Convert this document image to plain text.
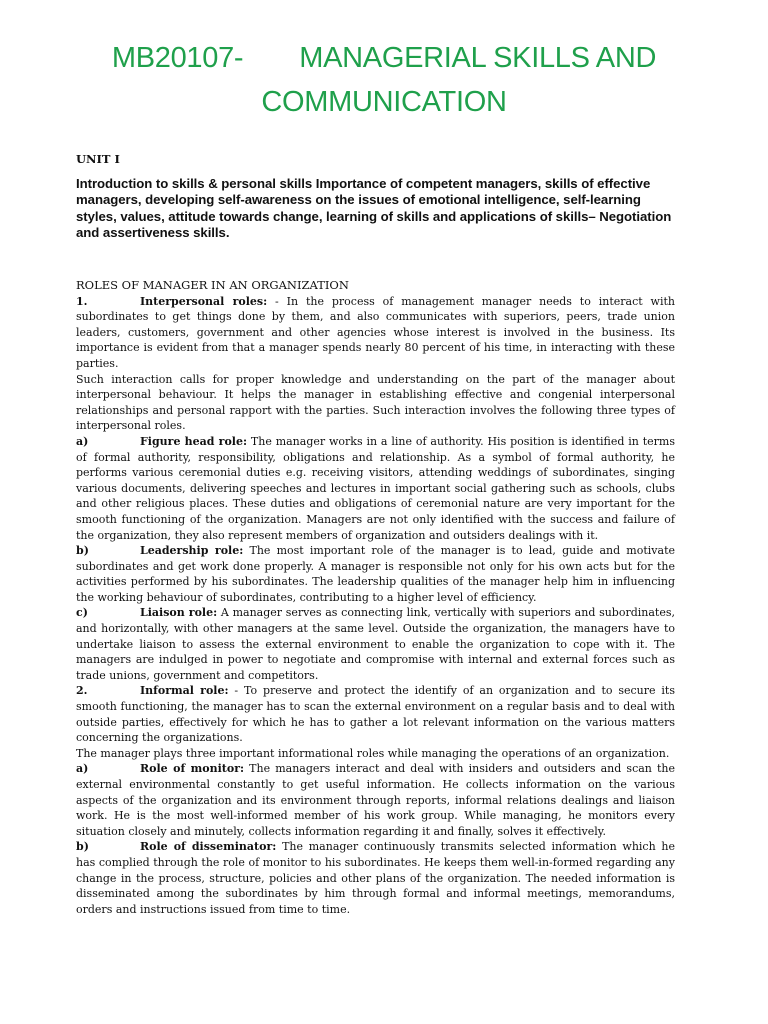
MB20107- MANAGERIAL SKILLS AND
COMMUNICATION
UNIT I
Introduction to skills & personal skills Importance of competent managers, skills of effective managers, developing self-awareness on the issues of emotional intelligence, self-learning styles, values, attitude towards change, learning of skills and applications of skills– Negotiation and assertiveness skills.

ROLES OF MANAGER IN AN ORGANIZATION

1.	Interpersonal roles: - In the process of management manager needs to interact with subordinates to get things done by them, and also communicates with superiors, peers, trade union leaders, customers, government and other agencies whose interest is involved in the business. Its importance is evident from that a manager spends nearly 80 percent of his time, in interacting with these parties.

Such interaction calls for proper knowledge and understanding on the part of the manager about interpersonal behaviour. It helps the manager in establishing effective and congenial interpersonal relationships and personal rapport with the parties. Such interaction involves the following three types of interpersonal roles.

a)	Figure head role: The manager works in a line of authority. His position is identified in terms of formal authority, responsibility, obligations and relationship. As a symbol of formal authority, he performs various ceremonial duties e.g. receiving visitors, attending weddings of subordinates, singing various documents, delivering speeches and lectures in important social gathering such as schools, clubs and other religious places. These duties and obligations of ceremonial nature are very important for the smooth functioning of the organization. Managers are not only identified with the success and failure of the organization, they also represent members of organization and outsiders dealings with it.

b)	Leadership role: The most important role of the manager is to lead, guide and motivate subordinates and get work done properly. A manager is responsible not only for his own acts but for the activities performed by his subordinates. The leadership qualities of the manager help him in influencing the working behaviour of subordinates, contributing to a higher level of efficiency.

c)	Liaison role: A manager serves as connecting link, vertically with superiors and subordinates, and horizontally, with other managers at the same level. Outside the organization, the managers have to undertake liaison to assess the external environment to enable the organization to cope with it. The managers are indulged in power to negotiate and compromise with internal and external forces such as trade unions, government and competitors.

2.	Informal role: - To preserve and protect the identify of an organization and to secure its smooth functioning, the manager has to scan the external environment on a regular basis and to deal with outside parties, effectively for which he has to gather a lot relevant information on the various matters concerning the organizations.

The manager plays three important informational roles while managing the operations of an organization.

a)	Role of monitor: The managers interact and deal with insiders and outsiders and scan the external environmental constantly to get useful information. He collects information on the various aspects of the organization and its environment through reports, informal relations dealings and liaison work. He is the most well-informed member of his work group. While managing, he monitors every situation closely and minutely, collects information regarding it and finally, solves it effectively.

b)	Role of disseminator: The manager continuously transmits selected information which he has complied through the role of monitor to his subordinates. He keeps them well-in-formed regarding any change in the process, structure, policies and other plans of the organization. The needed information is disseminated among the subordinates by him through formal and informal meetings, memorandums, orders and instructions issued from time to time.
